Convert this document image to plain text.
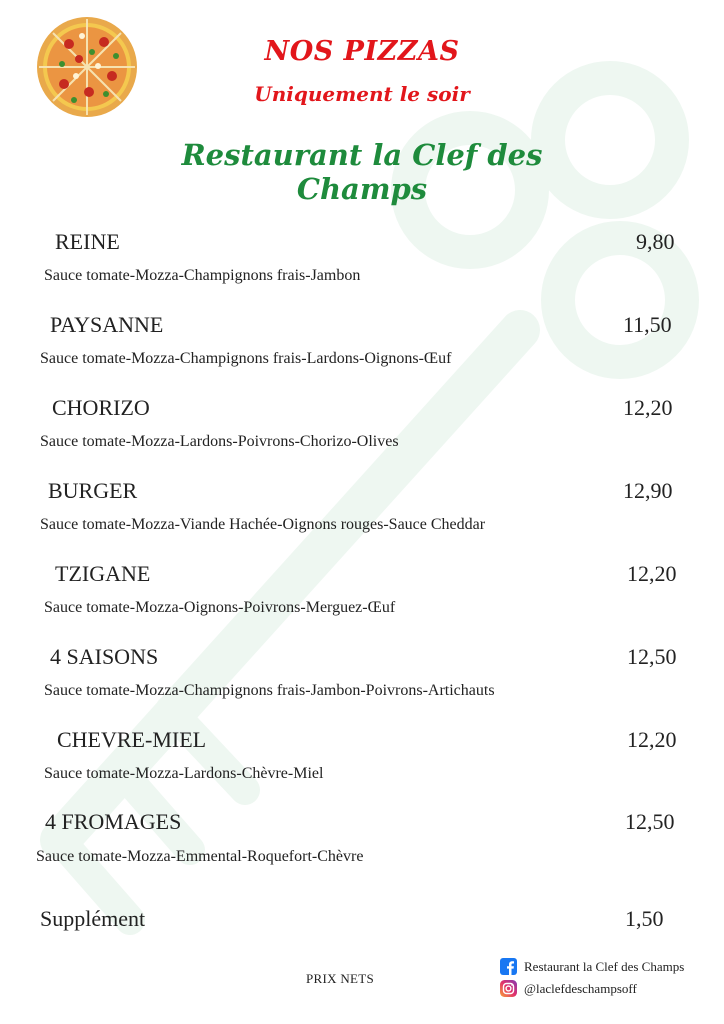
NOS PIZZAS
Uniquement le soir
Restaurant la Clef des Champs
REINE	9,80
Sauce tomate-Mozza-Champignons frais-Jambon
PAYSANNE	11,50
Sauce tomate-Mozza-Champignons frais-Lardons-Oignons-Œuf
CHORIZO	12,20
Sauce tomate-Mozza-Lardons-Poivrons-Chorizo-Olives
BURGER	12,90
Sauce tomate-Mozza-Viande Hachée-Oignons rouges-Sauce Cheddar
TZIGANE	12,20
Sauce tomate-Mozza-Oignons-Poivrons-Merguez-Œuf
4 SAISONS	12,50
Sauce tomate-Mozza-Champignons frais-Jambon-Poivrons-Artichauts
CHEVRE-MIEL	12,20
Sauce tomate-Mozza-Lardons-Chèvre-Miel
4 FROMAGES	12,50
Sauce tomate-Mozza-Emmental-Roquefort-Chèvre
Supplément	1,50
PRIX NETS
Restaurant la Clef des Champs
@laclefdeschampsoff
